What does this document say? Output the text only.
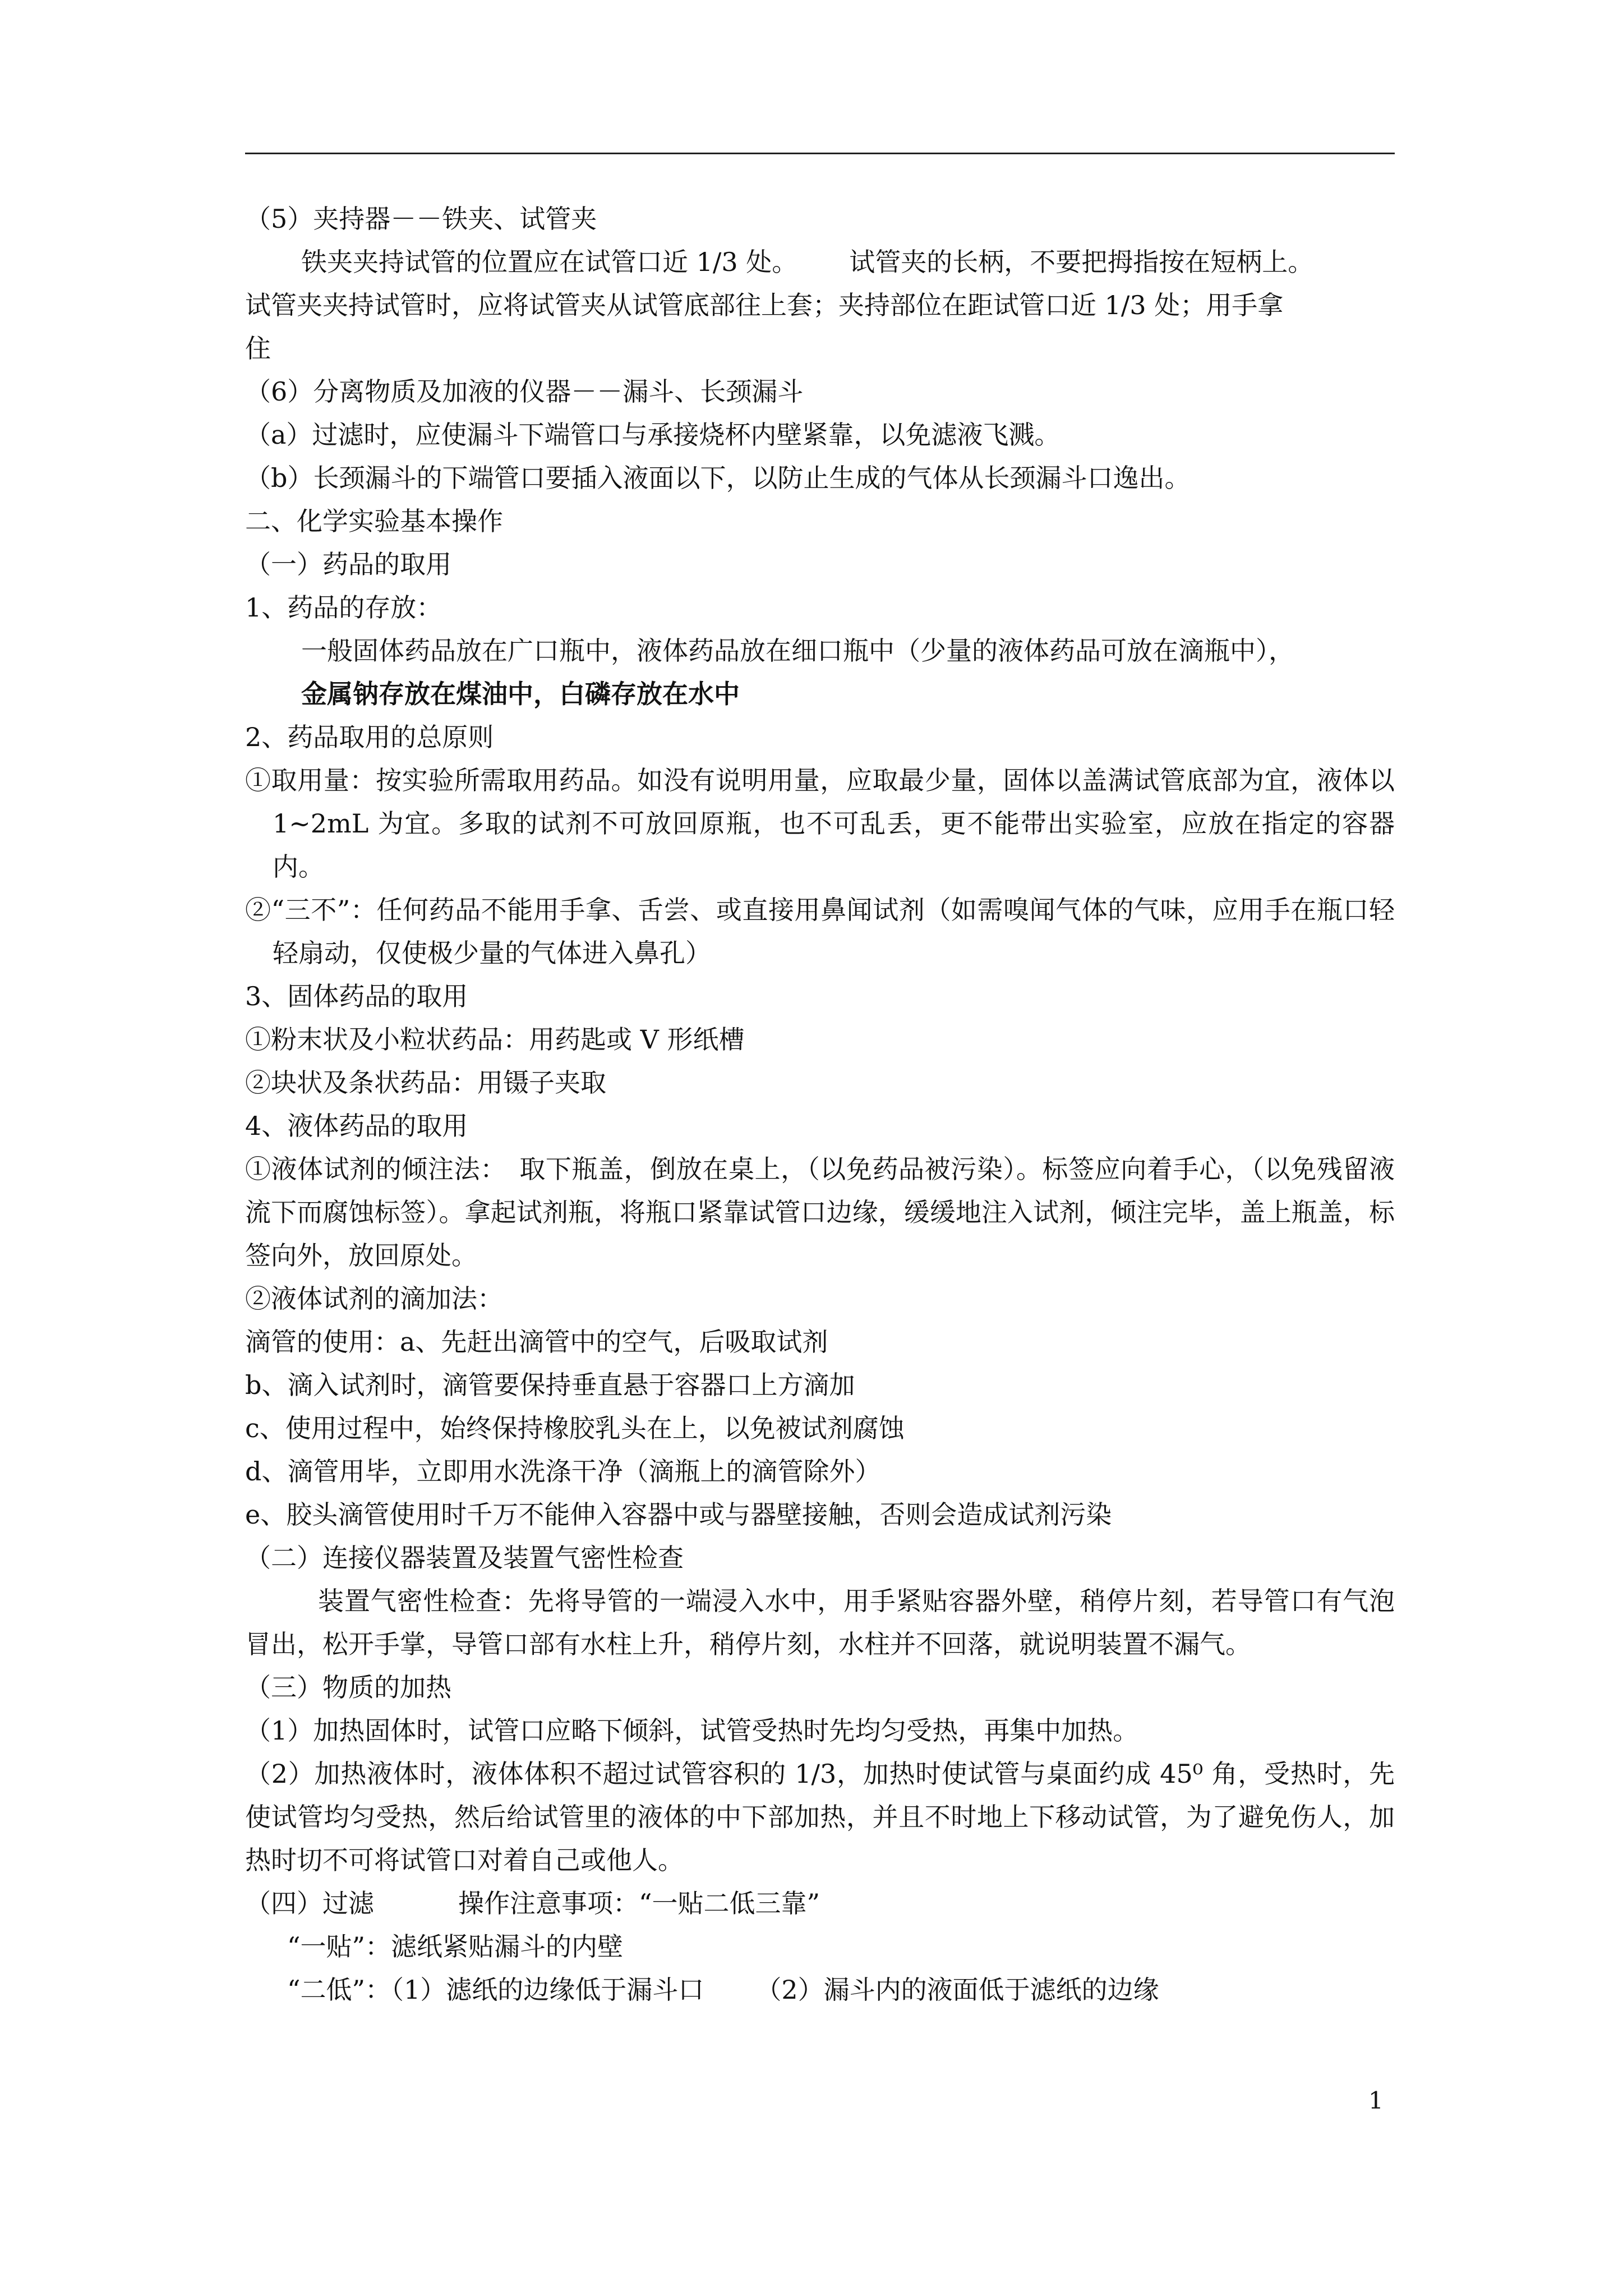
（5）夹持器－－铁夹、试管夹
铁夹夹持试管的位置应在试管口近 1/3 处。 试管夹的长柄，不要把拇指按在短柄上。
试管夹夹持试管时，应将试管夹从试管底部往上套；夹持部位在距试管口近 1/3 处；用手拿
住
（6）分离物质及加液的仪器－－漏斗、长颈漏斗
（a）过滤时，应使漏斗下端管口与承接烧杯内壁紧靠，以免滤液飞溅。
（b）长颈漏斗的下端管口要插入液面以下，以防止生成的气体从长颈漏斗口逸出。
二、化学实验基本操作
（一）药品的取用
1、药品的存放：
一般固体药品放在广口瓶中，液体药品放在细口瓶中（少量的液体药品可放在滴瓶中），
金属钠存放在煤油中，白磷存放在水中
2、药品取用的总原则
①取用量：按实验所需取用药品。如没有说明用量，应取最少量，固体以盖满试管底部为宜，液体以 1~2mL 为宜。多取的试剂不可放回原瓶，也不可乱丢，更不能带出实验室，应放在指定的容器内。
②“三不”：任何药品不能用手拿、舌尝、或直接用鼻闻试剂（如需嗅闻气体的气味，应用手在瓶口轻轻扇动，仅使极少量的气体进入鼻孔）
3、固体药品的取用
①粉末状及小粒状药品：用药匙或 V 形纸槽
②块状及条状药品：用镊子夹取
4、液体药品的取用
①液体试剂的倾注法：　取下瓶盖，倒放在桌上，（以免药品被污染）。标签应向着手心，（以免残留液流下而腐蚀标签）。拿起试剂瓶，将瓶口紧靠试管口边缘，缓缓地注入试剂，倾注完毕，盖上瓶盖，标签向外，放回原处。
②液体试剂的滴加法：
滴管的使用：a、先赶出滴管中的空气，后吸取试剂
b、滴入试剂时，滴管要保持垂直悬于容器口上方滴加
c、使用过程中，始终保持橡胶乳头在上，以免被试剂腐蚀
d、滴管用毕，立即用水洗涤干净（滴瓶上的滴管除外）
e、胶头滴管使用时千万不能伸入容器中或与器壁接触，否则会造成试剂污染
（二）连接仪器装置及装置气密性检查
装置气密性检查：先将导管的一端浸入水中，用手紧贴容器外壁，稍停片刻，若导管口有气泡冒出，松开手掌，导管口部有水柱上升，稍停片刻，水柱并不回落，就说明装置不漏气。
（三）物质的加热
（1）加热固体时，试管口应略下倾斜，试管受热时先均匀受热，再集中加热。
（2）加热液体时，液体体积不超过试管容积的 1/3，加热时使试管与桌面约成 45⁰ 角，受热时，先使试管均匀受热，然后给试管里的液体的中下部加热，并且不时地上下移动试管，为了避免伤人，加热时切不可将试管口对着自己或他人。
（四）过滤	操作注意事项：“一贴二低三靠”
“一贴”：滤纸紧贴漏斗的内壁
“二低”：（1）滤纸的边缘低于漏斗口 （2）漏斗内的液面低于滤纸的边缘
1
